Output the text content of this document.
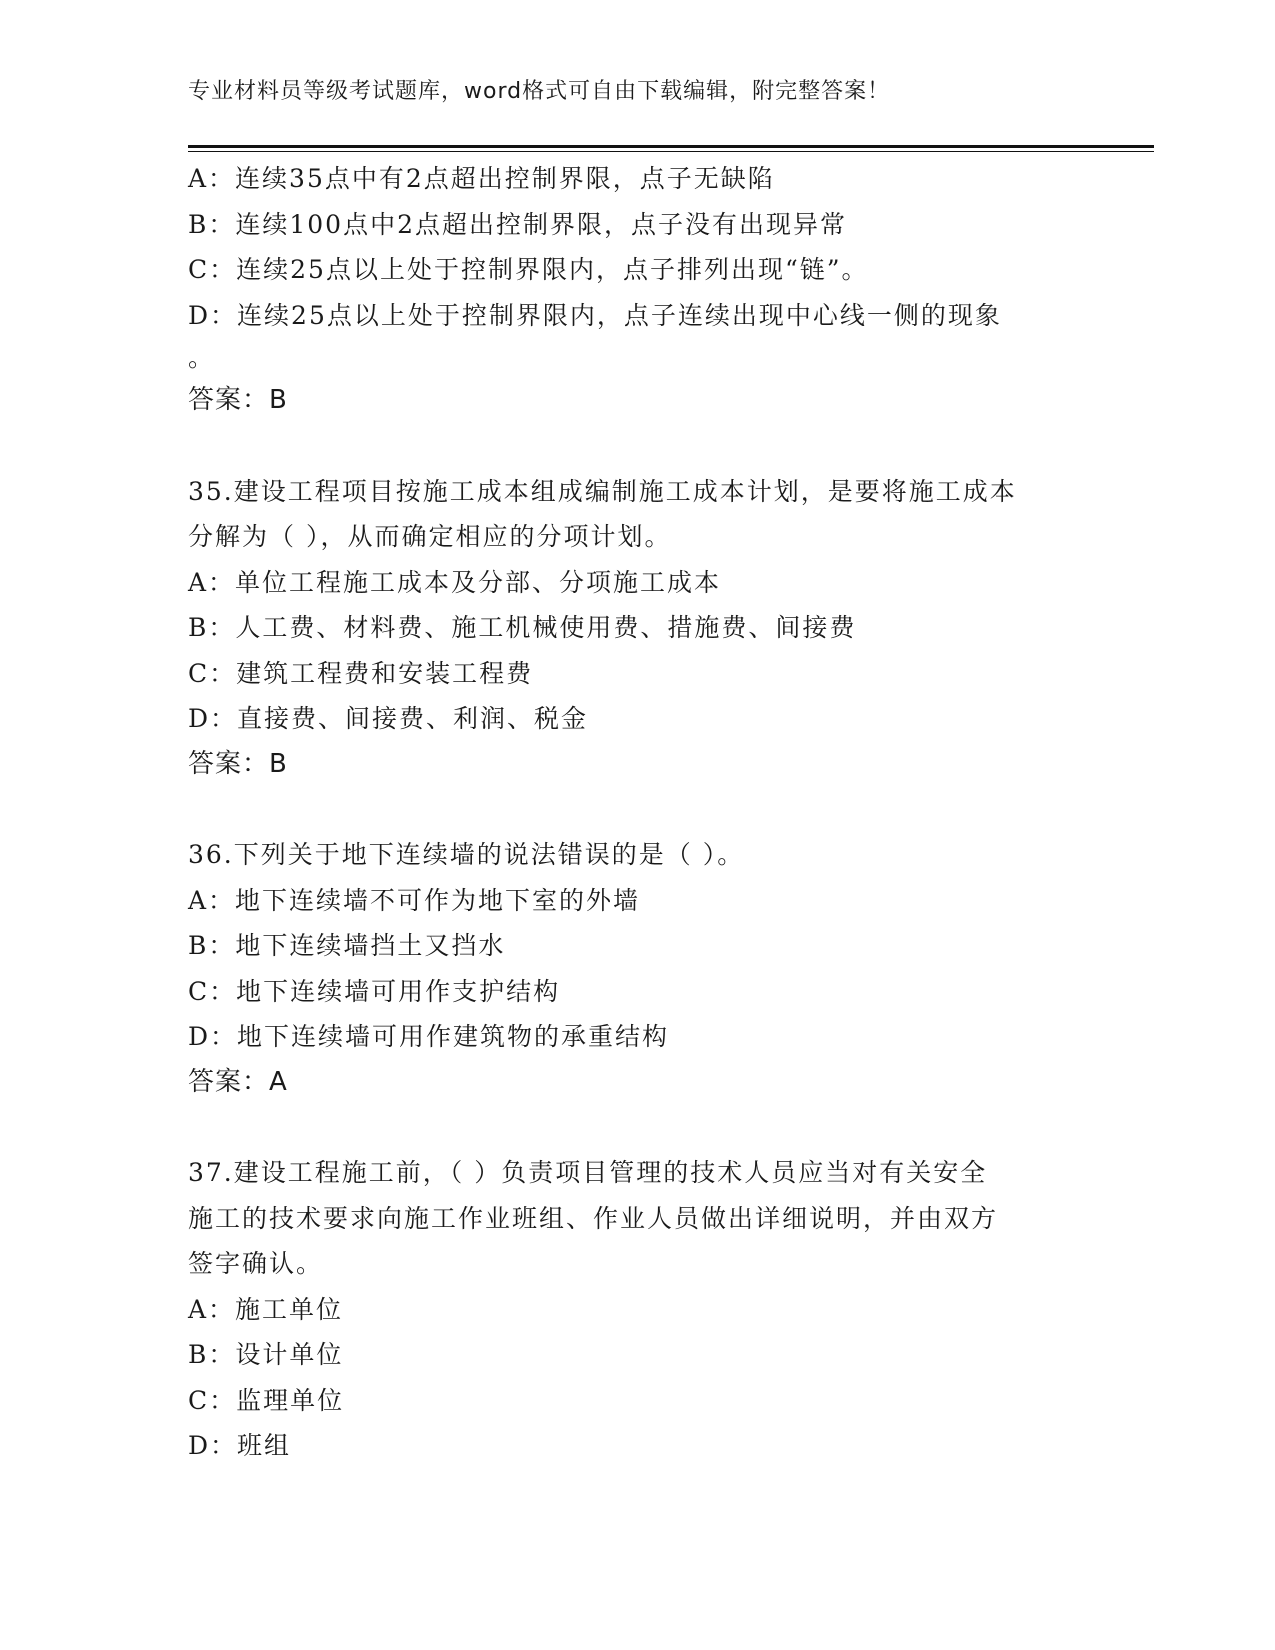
专业材料员等级考试题库，word格式可自由下载编辑，附完整答案！
A：连续35点中有2点超出控制界限，点子无缺陷
B：连续100点中2点超出控制界限，点子没有出现异常
C：连续25点以上处于控制界限内，点子排列出现“链”。
D：连续25点以上处于控制界限内，点子连续出现中心线一侧的现象
。
答案：B
35.建设工程项目按施工成本组成编制施工成本计划，是要将施工成本
分解为（ ），从而确定相应的分项计划。
A：单位工程施工成本及分部、分项施工成本
B：人工费、材料费、施工机械使用费、措施费、间接费
C：建筑工程费和安装工程费
D：直接费、间接费、利润、税金
答案：B
36.下列关于地下连续墙的说法错误的是（ ）。
A：地下连续墙不可作为地下室的外墙
B：地下连续墙挡土又挡水
C：地下连续墙可用作支护结构
D：地下连续墙可用作建筑物的承重结构
答案：A
37.建设工程施工前，（ ）负责项目管理的技术人员应当对有关安全
施工的技术要求向施工作业班组、作业人员做出详细说明，并由双方
签字确认。
A：施工单位
B：设计单位
C：监理单位
D：班组
